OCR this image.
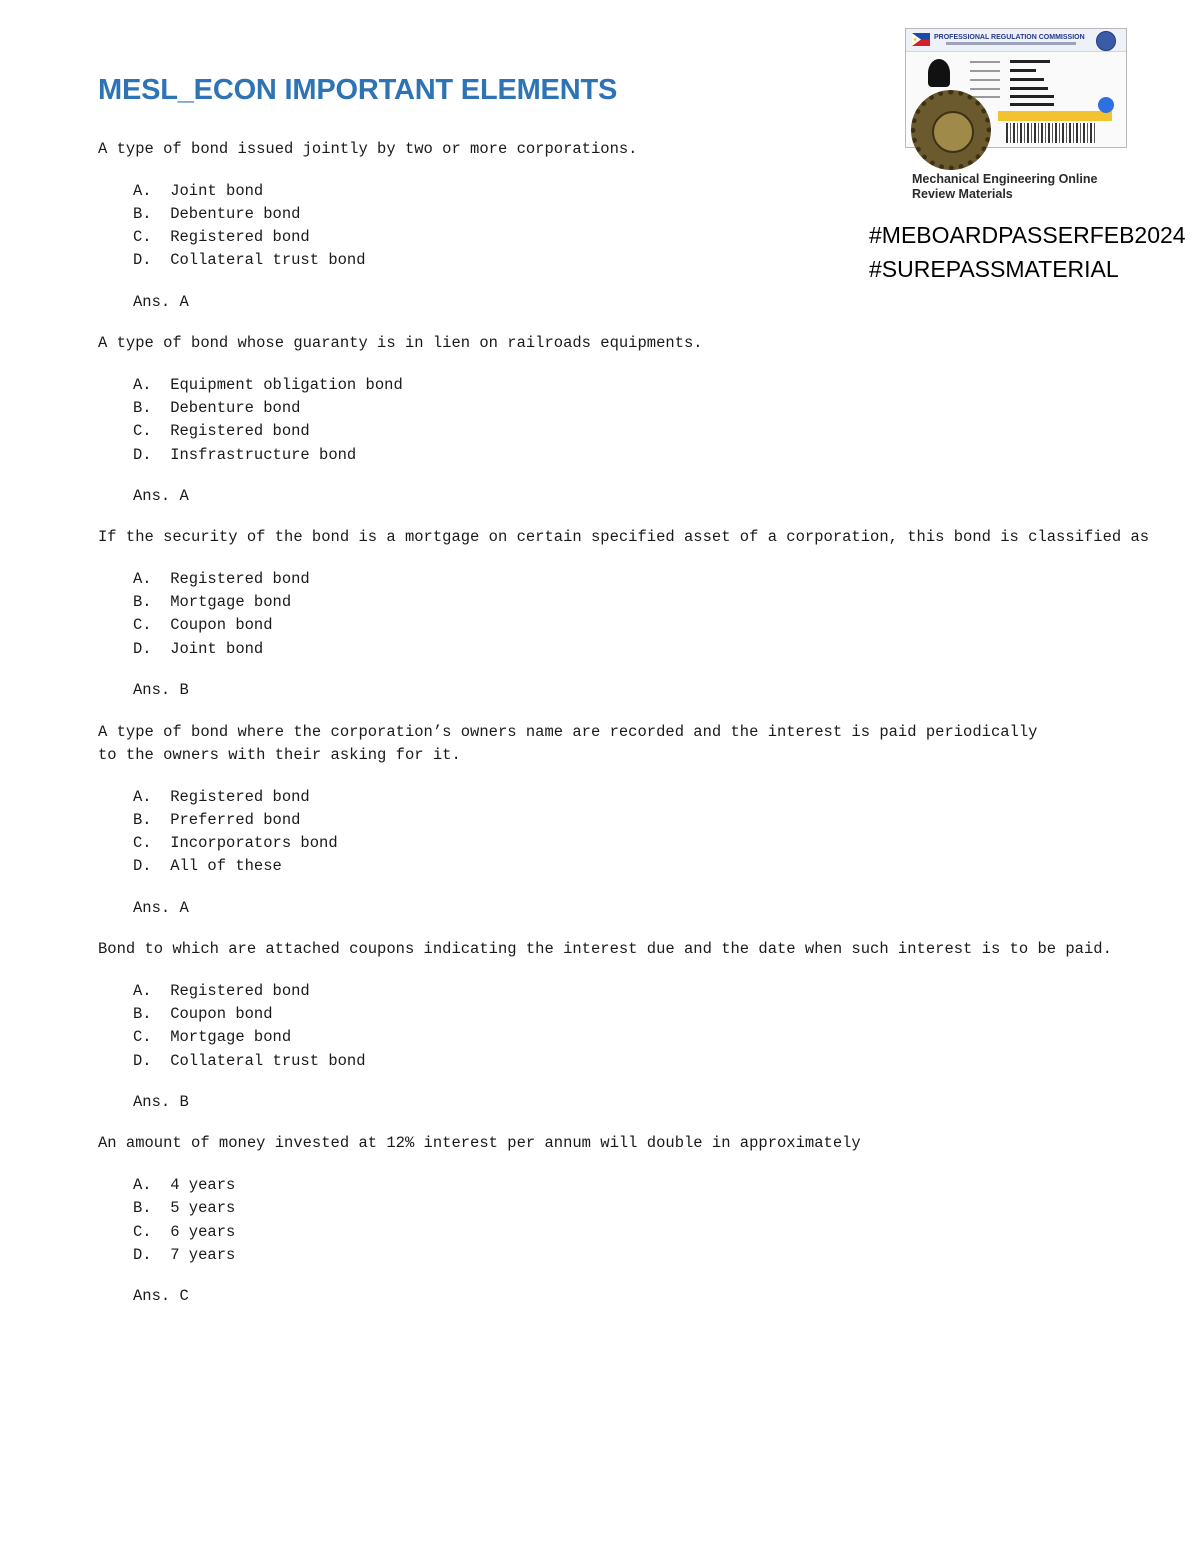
MESL_ECON IMPORTANT ELEMENTS
PROFESSIONAL REGULATION COMMISSION
Mechanical Engineering Online
Review Materials
#MEBOARDPASSERFEB2024
#SUREPASSMATERIAL

A type of bond issued jointly by two or more corporations.

A.  Joint bond
B.  Debenture bond
C.  Registered bond
D.  Collateral trust bond

Ans. A

A type of bond whose guaranty is in lien on railroads equipments.

A.  Equipment obligation bond
B.  Debenture bond
C.  Registered bond
D.  Insfrastructure bond

Ans. A

If the security of the bond is a mortgage on certain specified asset of a corporation, this bond is classified as

A.  Registered bond
B.  Mortgage bond
C.  Coupon bond
D.  Joint bond

Ans. B

A type of bond where the corporation’s owners name are recorded and the interest is paid periodically to the owners with their asking for it.

A.  Registered bond
B.  Preferred bond
C.  Incorporators bond
D.  All of these

Ans. A

Bond to which are attached coupons indicating the interest due and the date when such interest is to be paid.

A.  Registered bond
B.  Coupon bond
C.  Mortgage bond
D.  Collateral trust bond

Ans. B

An amount of money invested at 12% interest per annum will double in approximately

A.  4 years
B.  5 years
C.  6 years
D.  7 years

Ans. C
